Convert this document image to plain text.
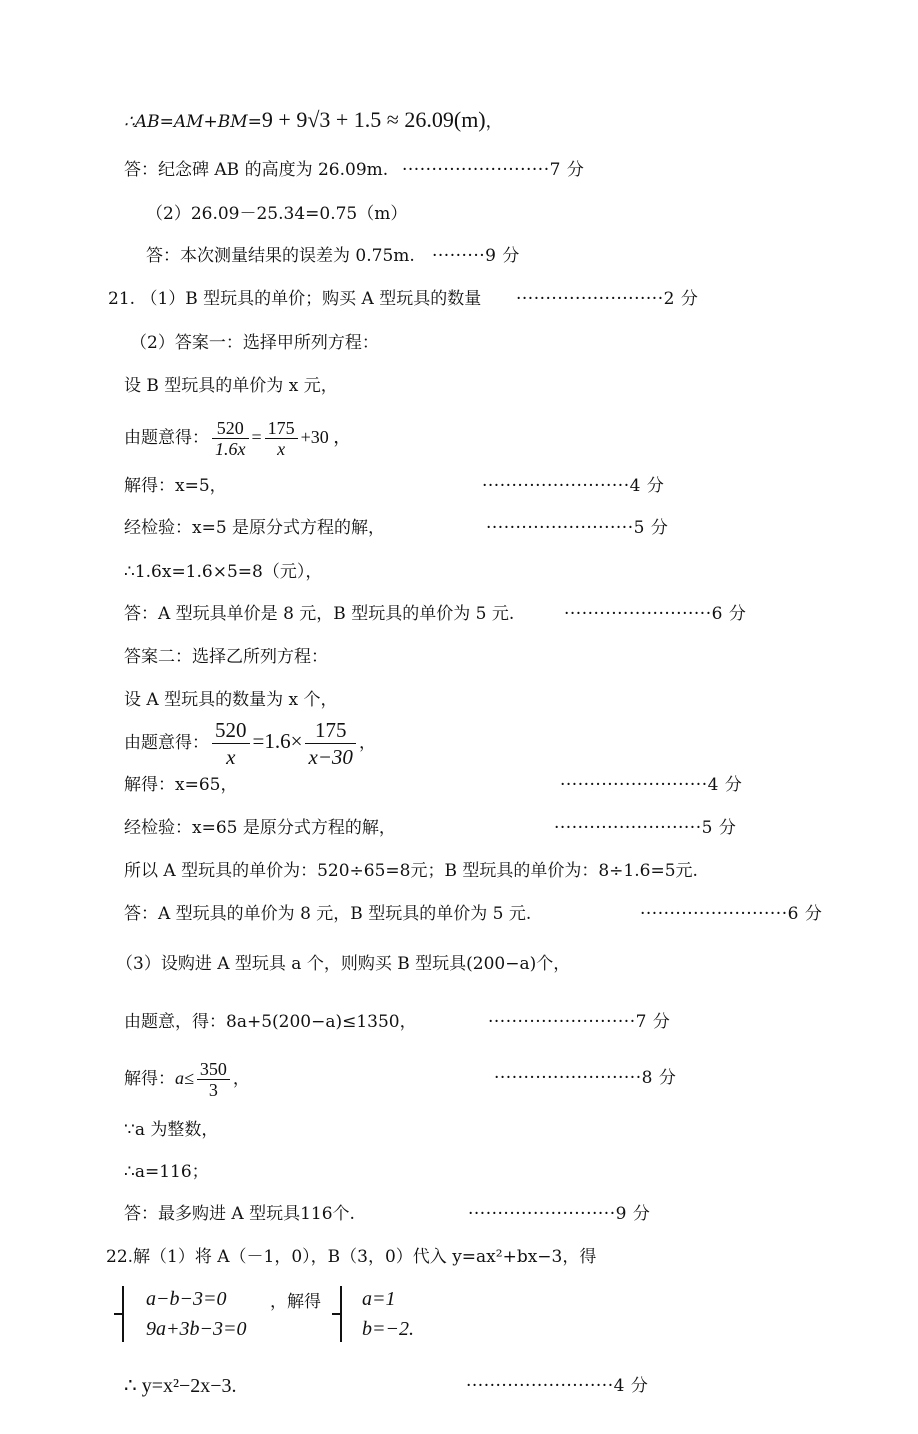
∴AB=AM+BM=9 + 9√3 + 1.5 ≈ 26.09(m)，
答：纪念碑 AB 的高度为 26.09m. ·························7 分
（2）26.09－25.34=0.75（m）
答：本次测量结果的误差为 0.75m. ·········9 分
21. （1）B 型玩具的单价；购买 A 型玩具的数量 ·························2 分
（2）答案一：选择甲所列方程：
设 B 型玩具的单价为 x 元，
由题意得： $\frac{520}{1.6x} = \frac{175}{x} +30$ ，
解得：x=5，	·························4 分
经检验：x=5 是原分式方程的解，	·························5 分
∴1.6x=1.6×5=8（元），
答：A 型玩具单价是 8 元，B 型玩具的单价为 5 元.	·························6 分
答案二：选择乙所列方程：
设 A 型玩具的数量为 x 个，
由题意得： $\frac{520}{x} =1.6\times \frac{175}{x-30}$ ，
解得：x=65，	·························4 分
经检验：x=65 是原分式方程的解，	·························5 分
所以 A 型玩具的单价为：520÷65=8元；B 型玩具的单价为：8÷1.6=5元.
答：A 型玩具的单价为 8 元，B 型玩具的单价为 5 元.	·························6 分
（3）设购进 A 型玩具 a 个，则购买 B 型玩具(200−a)个，
由题意，得：8a+5(200−a)≤1350，	·························7 分
解得：$a\le \frac{350}{3}$ ，	·························8 分
∵a 为整数，
∴a=116；
答：最多购进 A 型玩具116个.	·························9 分
22.解（1）将 A（－1，0），B（3，0）代入 y=ax²+bx−3，得
a−b−3=0
9a+3b−3=0
，解得 a=1
b=−2.
∴ y=x²−2x−3.	·························4 分
